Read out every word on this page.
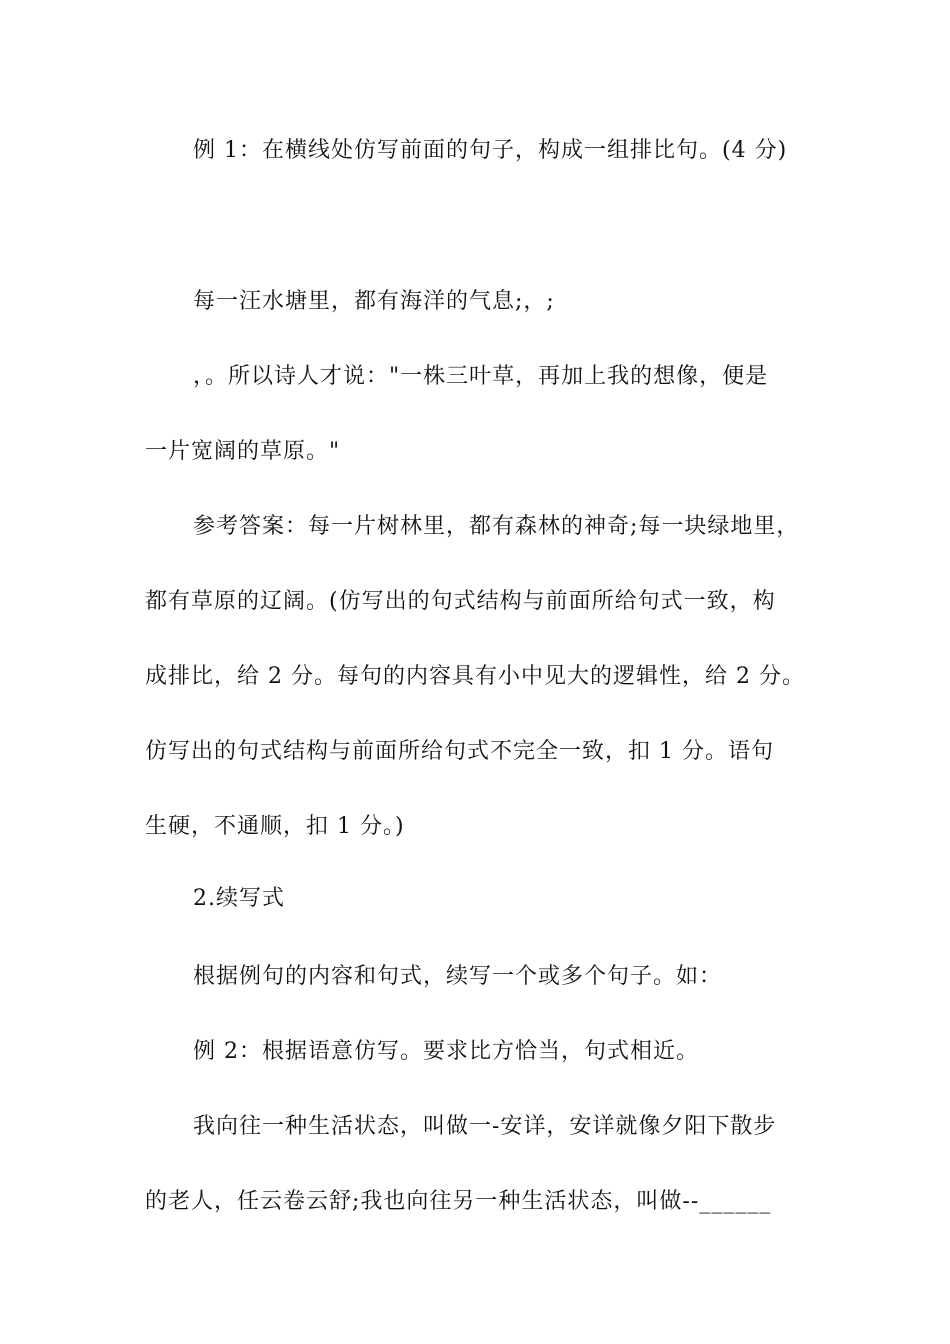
例 1：在横线处仿写前面的句子，构成一组排比句。(4 分)
每一汪水塘里，都有海洋的气息;，;
，。所以诗人才说："一株三叶草，再加上我的想像，便是
一片宽阔的草原。"
参考答案：每一片树林里，都有森林的神奇;每一块绿地里，
都有草原的辽阔。(仿写出的句式结构与前面所给句式一致，构
成排比，给 2 分。每句的内容具有小中见大的逻辑性，给 2 分。
仿写出的句式结构与前面所给句式不完全一致，扣 1 分。语句
生硬，不通顺，扣 1 分。)
2.续写式
根据例句的内容和句式，续写一个或多个句子。如：
例 2：根据语意仿写。要求比方恰当，句式相近。
我向往一种生活状态，叫做一-安详，安详就像夕阳下散步
的老人，任云卷云舒;我也向往另一种生活状态，叫做--______
